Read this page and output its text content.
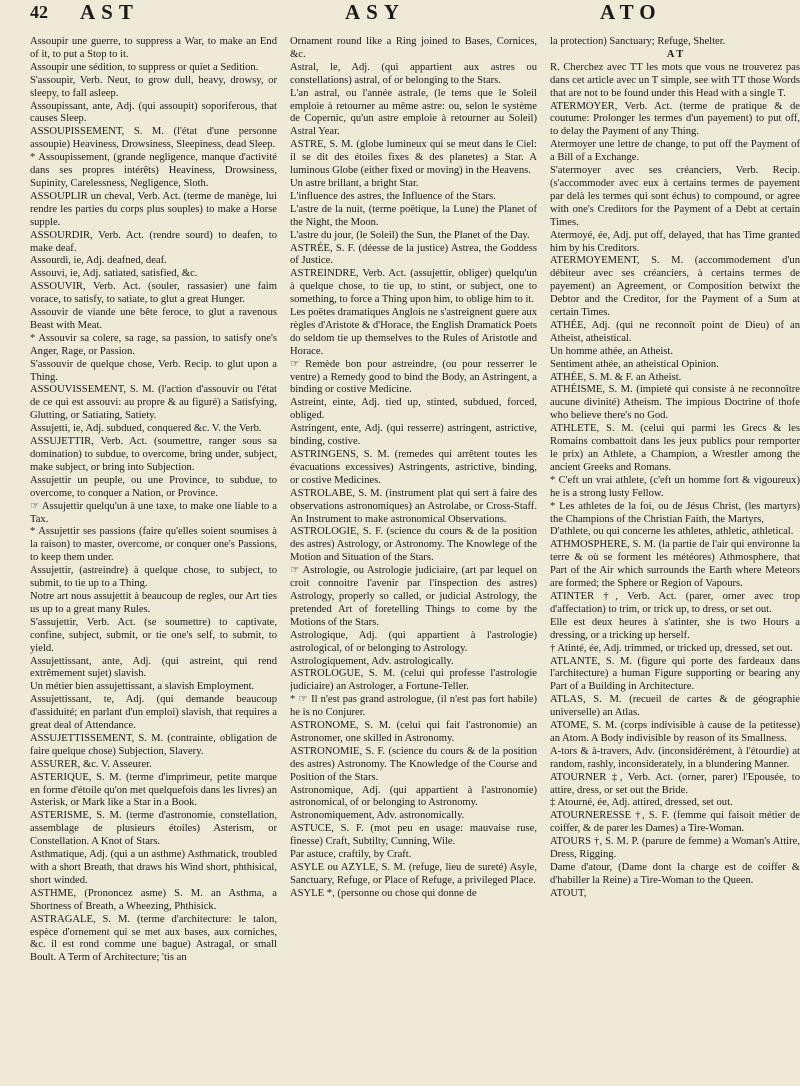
42 AST	ASY	ATO

Assoupir une guerre, to suppress a War, to make an End of it, to put a Stop to it.

Assoupir une sédition, to suppress or quiet a Sedition.

S'assoupir, Verb. Neut, to grow dull, heavy, drowsy, or sleepy, to fall asleep.

Assoupissant, ante, Adj. (qui assoupit) soporiferous, that causes Sleep.

ASSOUPISSEMENT, S. M. (l'état d'une personne assoupie) Heaviness, Drowsiness, Sleepiness, dead Sleep.

* Assoupissement, (grande negligence, manque d'activité dans ses propres intérêts) Heaviness, Drowsiness, Supinity, Carelessness, Negligence, Sloth.

ASSOUPLIR un cheval, Verb. Act. (terme de manège, lui rendre les parties du corps plus souples) to make a Horse supple.

ASSOURDIR, Verb. Act. (rendre sourd) to deafen, to make deaf.

Assourdi, ie, Adj. deafned, deaf.

Assouvi, ie, Adj. satiated, satisfied, &c.

ASSOUVIR, Verb. Act. (souler, rassasier) une faim vorace, to satisfy, to satiate, to glut a great Hunger.

Assouvir de viande une bête feroce, to glut a ravenous Beast with Meat.

* Assouvir sa colere, sa rage, sa passion, to satisfy one's Anger, Rage, or Passion.

S'assouvir de quelque chose, Verb. Recip. to glut upon a Thing.

ASSOUVISSEMENT, S. M. (l'action d'assouvir ou l'état de ce qui est assouvi: au propre & au figuré) a Satisfying, Glutting, or Satiating, Satiety.

Assujetti, ie, Adj. subdued, conquered &c. V. the Verb.

ASSUJETTIR, Verb. Act. (soumettre, ranger sous sa domination) to subdue, to overcome, bring under, subject, make subject, or bring into Subjection.

Assujettir un peuple, ou une Province, to subdue, to overcome, to conquer a Nation, or Province.

☞ Assujettir quelqu'un à une taxe, to make one liable to a Tax.

* Assujettir ses passions (faire qu'elles soient soumises à la raison) to master, overcome, or conquer one's Passions, to keep them under.

Assujettir, (astreindre) à quelque chose, to subject, to submit, to tie up to a Thing.

Notre art nous assujettit à beaucoup de regles, our Art ties us up to a great many Rules.

S'assujettir, Verb. Act. (se soumettre) to captivate, confine, subject, submit, or tie one's self, to submit, to yield.

Assujettissant, ante, Adj. (qui astreint, qui rend extrêmement sujet) slavish.

Un métier bien assujettissant, a slavish Employment.

Assujettissant, te, Adj. (qui demande beaucoup d'assiduité; en parlant d'un emploi) slavish, that requires a great deal of Attendance.

ASSUJETTISSEMENT, S. M. (contrainte, obligation de faire quelque chose) Subjection, Slavery.

ASSURER, &c. V. Asseurer.

ASTERIQUE, S. M. (terme d'imprimeur, petite marque en forme d'étoile qu'on met quelquefois dans les livres) an Asterisk, or Mark like a Star in a Book.

ASTERISME, S. M. (terme d'astronomie, constellation, assemblage de plusieurs étoiles) Asterism, or Constellation. A Knot of Stars.

Asthmatique, Adj. (qui a un asthme) Asthmatick, troubled with a short Breath, that draws his Wind short, phthisical, short winded.

ASTHME, (Prononcez asme) S. M. an Asthma, a Shortness of Breath, a Wheezing, Phthisick.

ASTRAGALE, S. M. (terme d'architecture: le talon, espèce d'ornement qui se met aux bases, aux corniches, &c. il est rond comme une bague) Astragal, or small Boult. A Term of Architecture; 'tis an

Ornament round like a Ring joined to Bases, Cornices, &c.

Astral, le, Adj. (qui appartient aux astres ou constellations) astral, of or belonging to the Stars.

L'an astral, ou l'année astrale, (le tems que le Soleil emploie à retourner au même astre: ou, selon le système de Copernic, qu'un astre emploie à retourner au Soleil) Astral Year.

ASTRE, S. M. (globe lumineux qui se meut dans le Ciel: il se dit des étoiles fixes & des planetes) a Star. A luminous Globe (either fixed or moving) in the Heavens.

Un astre brillant, a bright Star.

L'influence des astres, the Influence of the Stars.

L'astre de la nuit, (terme poëtique, la Lune) the Planet of the Night, the Moon.

L'astre du jour, (le Soleil) the Sun, the Planet of the Day.

ASTRÉE, S. F. (déesse de la justice) Astrea, the Goddess of Justice.

ASTREINDRE, Verb. Act. (assujettir, obliger) quelqu'un à quelque chose, to tie up, to stint, or subject, one to something, to force a Thing upon him, to oblige him to it.

Les poëtes dramatiques Anglois ne s'astreignent guere aux règles d'Aristote & d'Horace, the English Dramatick Poets do seldom tie up themselves to the Rules of Aristotle and Horace.

☞ Remède bon pour astreindre, (ou pour resserrer le ventre) a Remedy good to bind the Body, an Astringent, a binding or costive Medicine.

Astreint, einte, Adj. tied up, stinted, subdued, forced, obliged.

Astringent, ente, Adj. (qui resserre) astringent, astrictive, binding, costive.

ASTRINGENS, S. M. (remedes qui arrêtent toutes les évacuations excessives) Astringents, astrictive, binding, or costive Medicines.

ASTROLABE, S. M. (instrument plat qui sert à faire des observations astronomiques) an Astrolabe, or Cross-Staff. An Instrument to make astronomical Observations.

ASTROLOGIE, S. F. (science du cours & de la position des astres) Astrology, or Astronomy. The Knowlege of the Motion and Situation of the Stars.

☞ Astrologie, ou Astrologie judiciaire, (art par lequel on croit connoitre l'avenir par l'inspection des astres) Astrology, properly so called, or judicial Astrology, the pretended Art of foretelling Things to come by the Motions of the Stars.

Astrologique, Adj. (qui appartient à l'astrologie) astrological, of or belonging to Astrology.

Astrologiquement, Adv. astrologically.

ASTROLOGUE, S. M. (celui qui professe l'astrologie judiciaire) an Astrologer, a Fortune-Teller.

* ☞ Il n'est pas grand astrologue, (il n'est pas fort habile) he is no Conjurer.

ASTRONOME, S. M. (celui qui fait l'astronomie) an Astronomer, one skilled in Astronomy.

ASTRONOMIE, S. F. (science du cours & de la position des astres) Astronomy. The Knowledge of the Course and Position of the Stars.

Astronomique, Adj. (qui appartient à l'astronomie) astronomical, of or belonging to Astronomy.

Astronomiquement, Adv. astronomically.

ASTUCE, S. F. (mot peu en usage: mauvaise ruse, finesse) Craft, Subtilty, Cunning, Wile.

Par astuce, craftily, by Craft.

ASYLE ou AZYLE, S. M. (refuge, lieu de sureté) Asyle, Sanctuary, Refuge, or Place of Refuge, a privileged Place.

ASYLE *, (personne ou chose qui donne de

la protection) Sanctuary; Refuge, Shelter.

A T

R. Cherchez avec TT les mots que vous ne trouverez pas dans cet article avec un T simple, see with TT those Words that are not to be found under this Head with a single T.

ATERMOYER, Verb. Act. (terme de pratique & de coutume: Prolonger les termes d'un payement) to put off, to delay the Payment of any Thing.

Atermoyer une lettre de change, to put off the Payment of a Bill of a Exchange.

S'atermoyer avec ses créanciers, Verb. Recip. (s'accommoder avec eux à certains termes de payement par delà les termes qui sont échus) to compound, or agree with one's Creditors for the Payment of a Debt at certain Times.

Atermoyé, ée, Adj. put off, delayed, that has Time granted him by his Creditors.

ATERMOYEMENT, S. M. (accommodement d'un débiteur avec ses créanciers, à certains termes de payement) an Agreement, or Composition betwixt the Debtor and the Creditor, for the Payment of a Sum at certain Times.

ATHÉE, Adj. (qui ne reconnoît point de Dieu) of an Atheist, atheistical.

Un homme athée, an Atheist.

Sentiment athée, an atheistical Opinion.

ATHÉE, S. M. & F. an Atheist.

ATHÉISME, S. M. (impieté qui consiste à ne reconnoître aucune divinité) Atheism. The impious Doctrine of thofe who believe there's no God.

ATHLETE, S. M. (celui qui parmi les Grecs & les Romains combattoit dans les jeux publics pour remporter le prix) an Athlete, a Champion, a Wrestler among the ancient Greeks and Romans.

* C'eft un vrai athlete, (c'eft un homme fort & vigoureux) he is a strong lusty Fellow.

* Les athletes de la foi, ou de Jésus Christ, (les martyrs) the Champions of the Christian Faith, the Martyrs,

D'athlete, ou qui concerne les athletes, athletic, athletical.

ATHMOSPHERE, S. M. (la partie de l'air qui environne la terre & où se forment les météores) Athmosphere, that Part of the Air which surrounds the Earth where Meteors are formed; the Sphere or Region of Vapours.

ATINTER †, Verb. Act. (parer, orner avec trop d'affectation) to trim, or trick up, to dress, or set out.

Elle est deux heures à s'atinter, she is two Hours a dressing, or a tricking up herself.

† Atinté, ée, Adj. trimmed, or tricked up, dressed, set out.

ATLANTE, S. M. (figure qui porte des fardeaux dans l'architecture) a human Figure supporting or bearing any Part of a Building in Architecture.

ATLAS, S. M. (recueil de cartes & de géographie universelle) an Atlas.

ATOME, S. M. (corps indivisible à cause de la petitesse) an Atom. A Body indivisible by reason of its Smallness.

A-tors & à-travers, Adv. (inconsidérément, à l'étourdie) at random, rashly, inconsiderately, in a blundering Manner.

ATOURNER ‡, Verb. Act. (orner, parer) l'Epousée, to attire, dress, or set out the Bride.

‡ Atourné, ée, Adj. attired, dressed, set out.

ATOURNERESSE †, S. F. (femme qui faisoit métier de coiffer, & de parer les Dames) a Tire-Woman.

ATOURS †, S. M. P. (parure de femme) a Woman's Attire, Dress, Rigging.

Dame d'atour, (Dame dont la charge est de coiffer & d'habiller la Reine) a Tire-Woman to the Queen.

ATOUT,
